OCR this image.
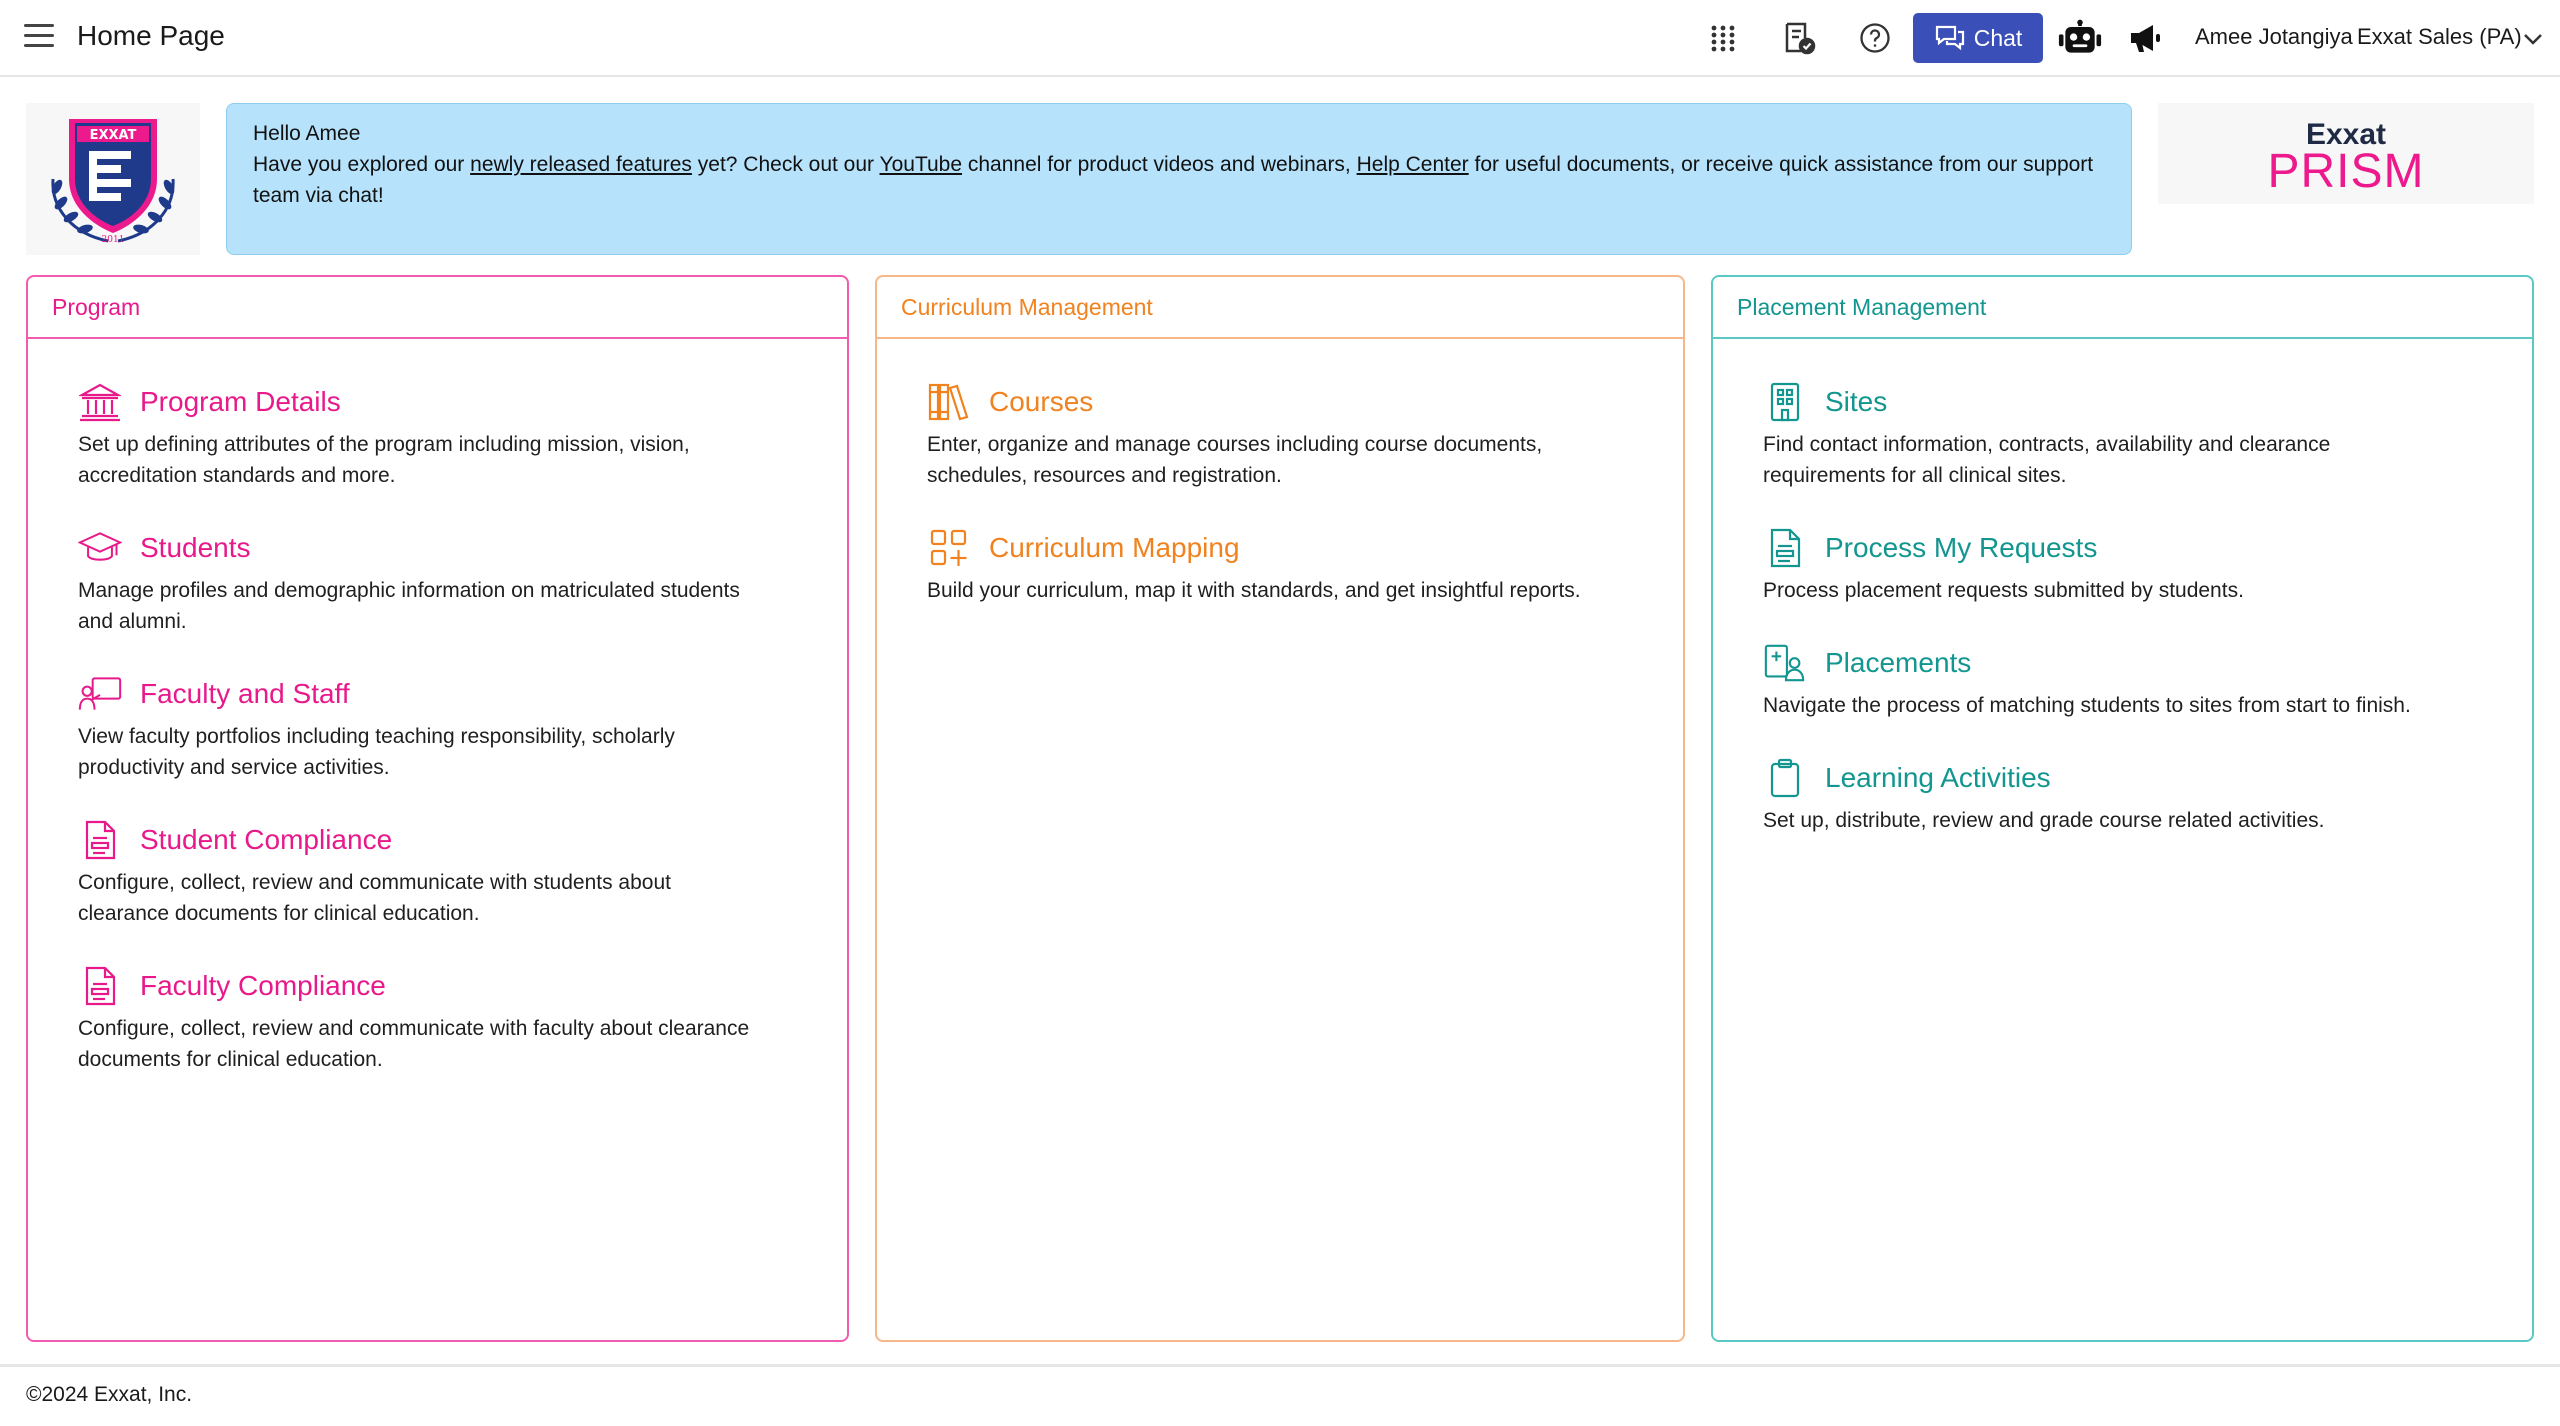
Home Page	Chat	Amee Jotangiya Exxat Sales (PA)
EXXAT
2011
Hello Amee
Have you explored our newly released features yet? Check out our YouTube channel for product videos and webinars, Help Center for useful documents, or receive quick assistance from our support team via chat!
Exxat
PRISM
Program
Program Details
Set up defining attributes of the program including mission, vision, accreditation standards and more.
Students
Manage profiles and demographic information on matriculated students and alumni.
Faculty and Staff
View faculty portfolios including teaching responsibility, scholarly productivity and service activities.
Student Compliance
Configure, collect, review and communicate with students about clearance documents for clinical education.
Faculty Compliance
Configure, collect, review and communicate with faculty about clearance documents for clinical education.
Curriculum Management
Courses
Enter, organize and manage courses including course documents, schedules, resources and registration.
Curriculum Mapping
Build your curriculum, map it with standards, and get insightful reports.
Placement Management
Sites
Find contact information, contracts, availability and clearance requirements for all clinical sites.
Process My Requests
Process placement requests submitted by students.
Placements
Navigate the process of matching students to sites from start to finish.
Learning Activities
Set up, distribute, review and grade course related activities.
©2024 Exxat, Inc.
